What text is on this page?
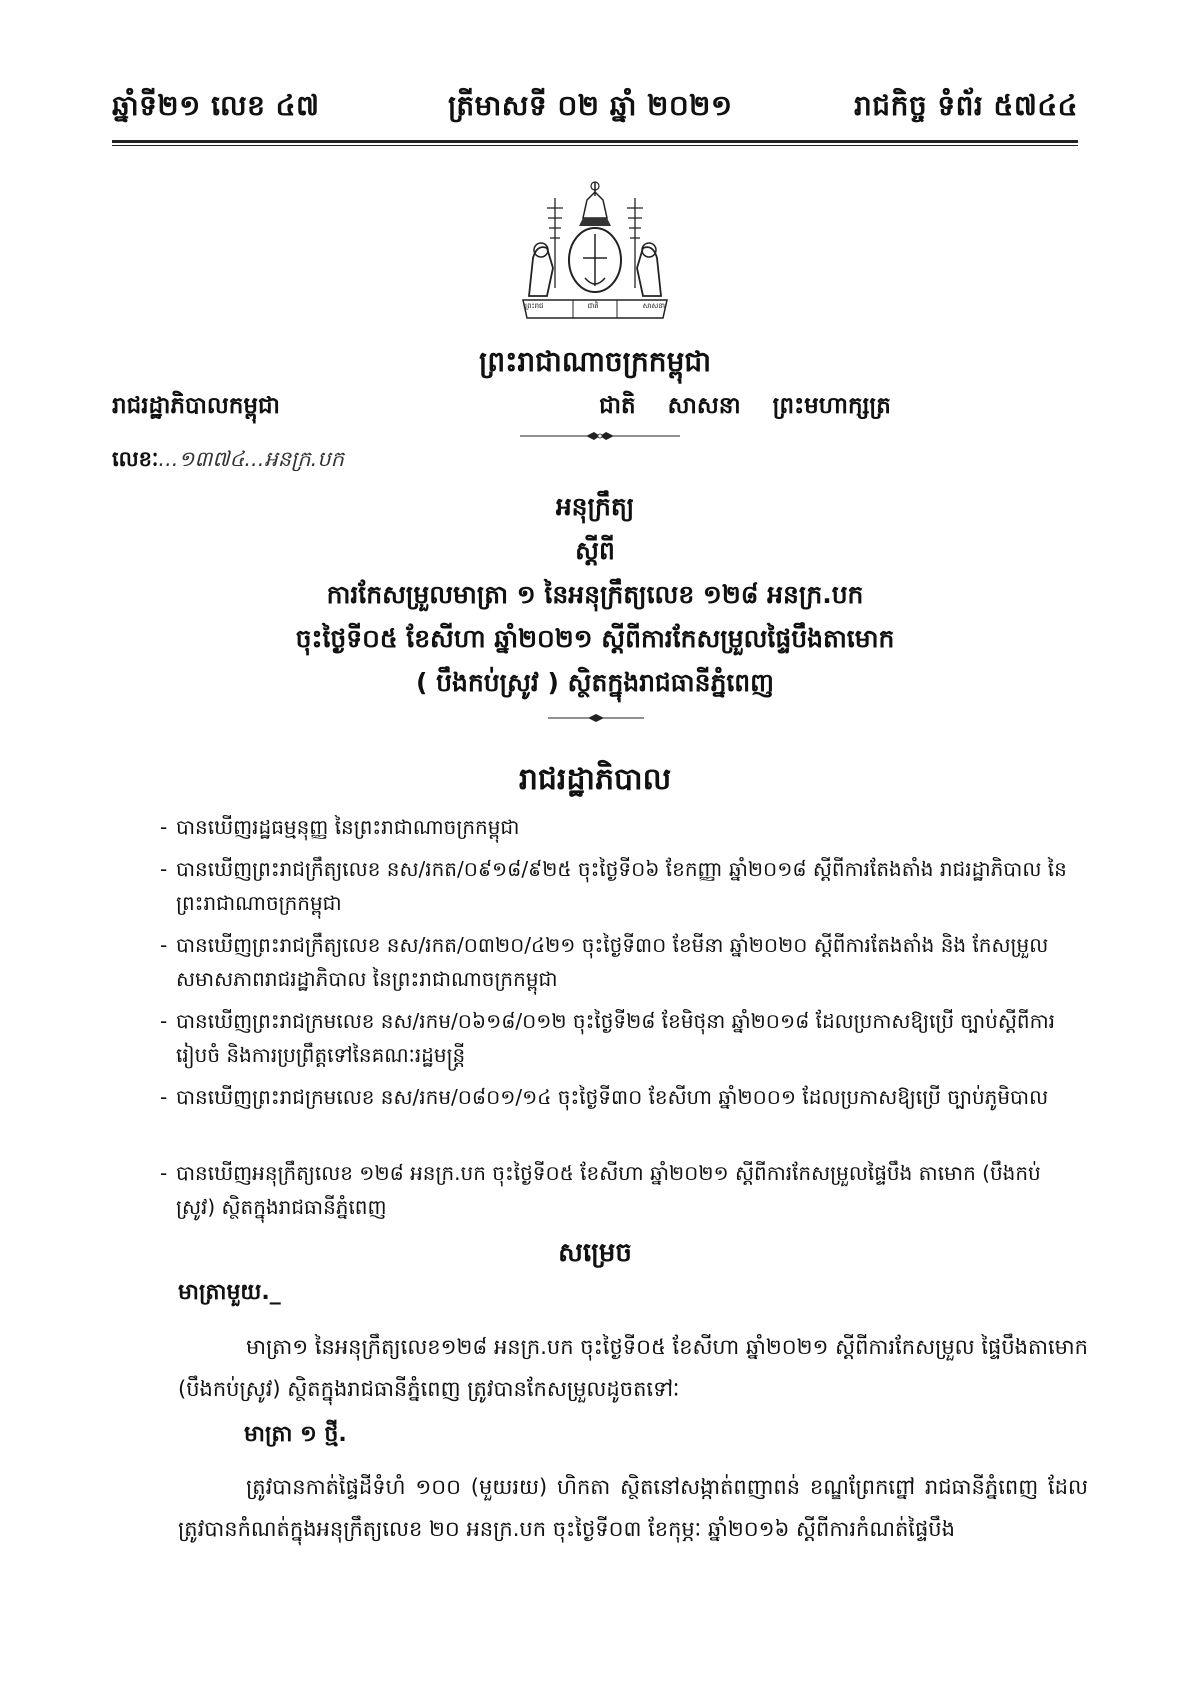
ឆ្នាំទី២១ លេខ ៤៧	ត្រីមាសទី ០២ ឆ្នាំ ២០២១	រាជកិច្ច ទំព័រ ៥៧៤៤
ព្រះរាជ	ជាតិ	សាសនា
ព្រះរាជាណាចក្រកម្ពុជា
រាជរដ្ឋាភិបាលកម្ពុជា	ជាតិ សាសនា ព្រះមហាក្សត្រ
លេខៈ...១៣៧៤...អនក្រ.បក
អនុក្រឹត្យ
ស្តីពី
ការកែសម្រួលមាត្រា ១ នៃអនុក្រឹត្យលេខ ១២៨ អនក្រ.បក
ចុះថ្ងៃទី០៥ ខែសីហា ឆ្នាំ២០២១ ស្តីពីការកែសម្រួលផ្ទៃបឹងតាមោក
( បឹងកប់ស្រូវ ) ស្ថិតក្នុងរាជធានីភ្នំពេញ
រាជរដ្ឋាភិបាល
- បានឃើញរដ្ឋធម្មនុញ្ញ នៃព្រះរាជាណាចក្រកម្ពុជា
- បានឃើញព្រះរាជក្រឹត្យលេខ នស/រកត/០៩១៨/៩២៥ ចុះថ្ងៃទី០៦ ខែកញ្ញា ឆ្នាំ២០១៨ ស្តីពីការតែងតាំង រាជរដ្ឋាភិបាល នៃព្រះរាជាណាចក្រកម្ពុជា
- បានឃើញព្រះរាជក្រឹត្យលេខ នស/រកត/០៣២០/៤២១ ចុះថ្ងៃទី៣០ ខែមីនា ឆ្នាំ២០២០ ស្តីពីការតែងតាំង និង កែសម្រួលសមាសភាពរាជរដ្ឋាភិបាល នៃព្រះរាជាណាចក្រកម្ពុជា
- បានឃើញព្រះរាជក្រមលេខ នស/រកម/០៦១៨/០១២ ចុះថ្ងៃទី២៨ ខែមិថុនា ឆ្នាំ២០១៨ ដែលប្រកាសឱ្យប្រើ ច្បាប់ស្តីពីការរៀបចំ និងការប្រព្រឹត្តទៅនៃគណៈរដ្ឋមន្ត្រី
- បានឃើញព្រះរាជក្រមលេខ នស/រកម/០៨០១/១៤ ចុះថ្ងៃទី៣០ ខែសីហា ឆ្នាំ២០០១ ដែលប្រកាសឱ្យប្រើ ច្បាប់ភូមិបាល
- បានឃើញអនុក្រឹត្យលេខ ១២៨ អនក្រ.បក ចុះថ្ងៃទី០៥ ខែសីហា ឆ្នាំ២០២១ ស្តីពីការកែសម្រួលផ្ទៃបឹង តាមោក (បឹងកប់ស្រូវ) ស្ថិតក្នុងរាជធានីភ្នំពេញ
សម្រេច
មាត្រាមួយ._
មាត្រា១ នៃអនុក្រឹត្យលេខ១២៨ អនក្រ.បក ចុះថ្ងៃទី០៥ ខែសីហា ឆ្នាំ២០២១ ស្តីពីការកែសម្រួល ផ្ទៃបឹងតាមោក (បឹងកប់ស្រូវ) ស្ថិតក្នុងរាជធានីភ្នំពេញ ត្រូវបានកែសម្រួលដូចតទៅៈ
មាត្រា ១ ថ្មី.
ត្រូវបានកាត់ផ្ទៃដីទំហំ ១០០ (មួយរយ) ហិកតា ស្ថិតនៅសង្កាត់ពញាពន់ ខណ្ឌព្រែកព្នៅ រាជធានីភ្នំពេញ ដែលត្រូវបានកំណត់ក្នុងអនុក្រឹត្យលេខ ២០ អនក្រ.បក ចុះថ្ងៃទី០៣ ខែកុម្ភៈ ឆ្នាំ២០១៦ ស្តីពីការកំណត់ផ្ទៃបឹង
